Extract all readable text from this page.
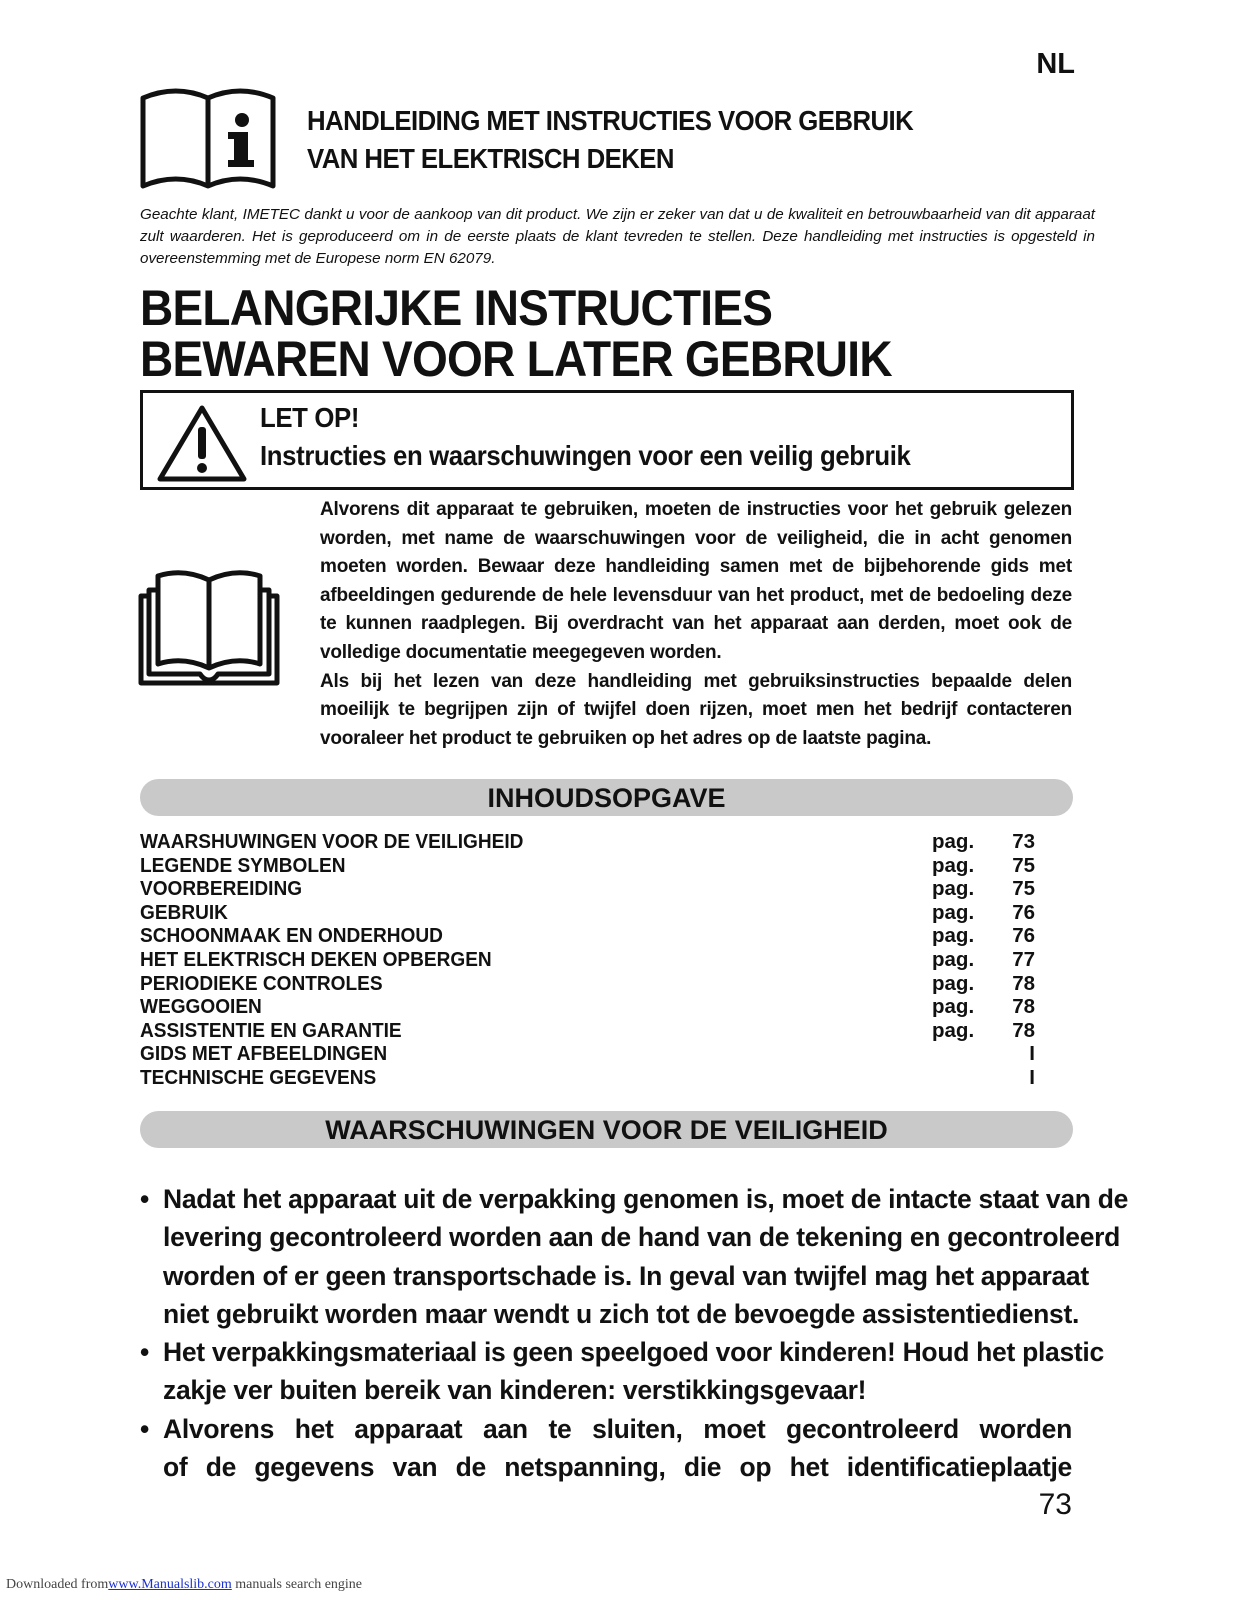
NL
HANDLEIDING MET INSTRUCTIES VOOR GEBRUIK
VAN HET ELEKTRISCH DEKEN
Geachte klant, IMETEC dankt u voor de aankoop van dit product. We zijn er zeker van dat u de kwaliteit en betrouwbaarheid van dit apparaat zult waarderen. Het is geproduceerd om in de eerste plaats de klant tevreden te stellen. Deze handleiding met instructies is opgesteld in overeenstemming met de Europese norm EN 62079.
BELANGRIJKE INSTRUCTIES
BEWAREN VOOR LATER GEBRUIK
LET OP!
Instructies en waarschuwingen voor een veilig gebruik
Alvorens dit apparaat te gebruiken, moeten de instructies voor het gebruik gelezen worden, met name de waarschuwingen voor de veiligheid, die in acht genomen moeten worden. Bewaar deze handleiding samen met de bijbehorende gids met afbeeldingen gedurende de hele levensduur van het product, met de bedoeling deze te kunnen raadplegen. Bij overdracht van het apparaat aan derden, moet ook de volledige documentatie meegegeven worden.
Als bij het lezen van deze handleiding met gebruiksinstructies bepaalde delen moeilijk te begrijpen zijn of twijfel doen rijzen, moet men het bedrijf contacteren vooraleer het product te gebruiken op het adres op de laatste pagina.
INHOUDSOPGAVE
WAARSHUWINGEN VOOR DE VEILIGHEID	pag. 73
LEGENDE SYMBOLEN	pag. 75
VOORBEREIDING	pag. 75
GEBRUIK	pag. 76
SCHOONMAAK EN ONDERHOUD	pag. 76
HET ELEKTRISCH DEKEN OPBERGEN	pag. 77
PERIODIEKE CONTROLES	pag. 78
WEGGOOIEN	pag. 78
ASSISTENTIE EN GARANTIE	pag. 78
GIDS MET AFBEELDINGEN	I
TECHNISCHE GEGEVENS	I
WAARSCHUWINGEN VOOR DE VEILIGHEID
• Nadat het apparaat uit de verpakking genomen is, moet de intacte staat van de
levering gecontroleerd worden aan de hand van de tekening en gecontroleerd
worden of er geen transportschade is. In geval van twijfel mag het apparaat
niet gebruikt worden maar wendt u zich tot de bevoegde assistentiedienst.
• Het verpakkingsmateriaal is geen speelgoed voor kinderen! Houd het plastic
zakje ver buiten bereik van kinderen: verstikkingsgevaar!
• Alvorens het apparaat aan te sluiten, moet gecontroleerd worden
of de gegevens van de netspanning, die op het identificatieplaatje
73
Downloaded fromwww.Manualslib.com manuals search engine
